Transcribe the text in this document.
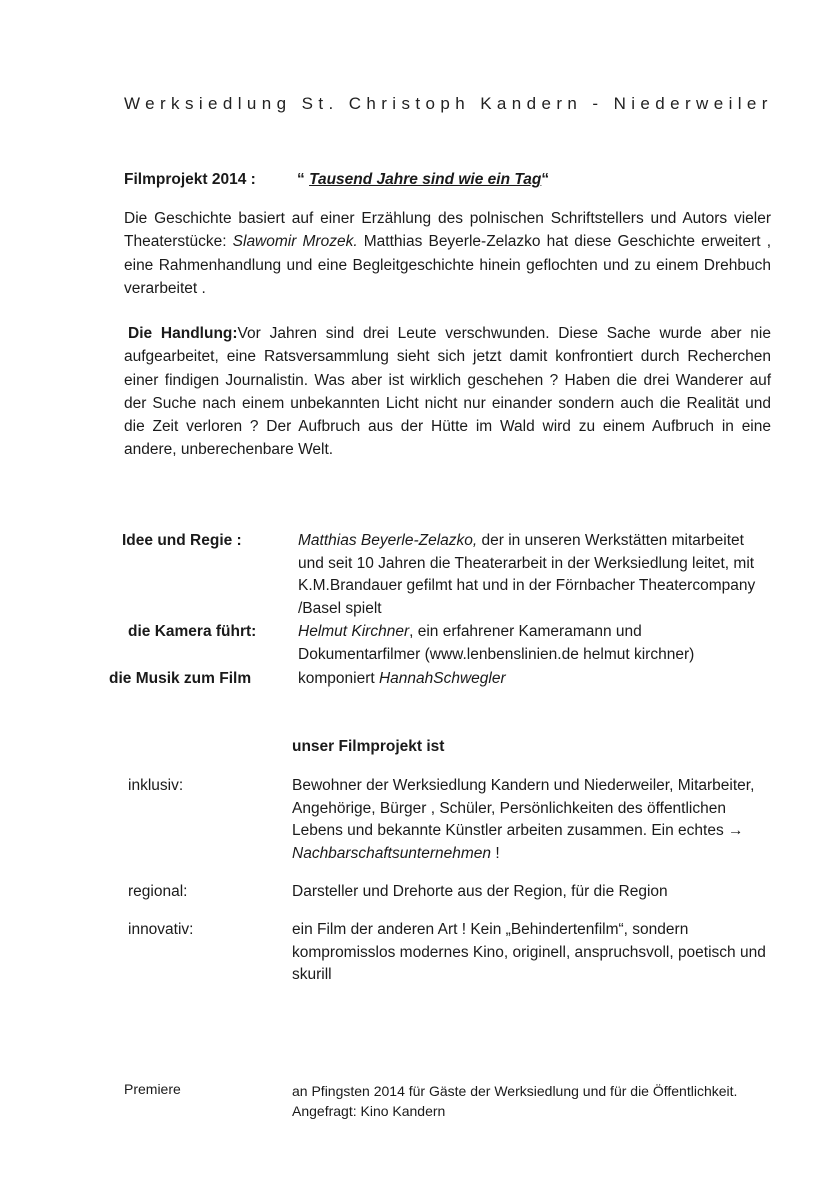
Werksiedlung St. Christoph Kandern - Niederweiler
Filmprojekt 2014 :	“ Tausend Jahre sind wie ein Tag“

Die Geschichte basiert auf einer Erzählung des polnischen Schriftstellers und Autors vieler Theaterstücke: Slawomir Mrozek. Matthias Beyerle-Zelazko hat diese Geschichte erweitert , eine Rahmenhandlung und eine Begleitgeschichte hinein geflochten und zu einem Drehbuch verarbeitet .

Die Handlung:Vor Jahren sind drei Leute verschwunden. Diese Sache wurde aber nie aufgearbeitet, eine Ratsversammlung sieht sich jetzt damit konfrontiert durch Recherchen einer findigen Journalistin. Was aber ist wirklich geschehen ? Haben die drei Wanderer auf der Suche nach einem unbekannten Licht nicht nur einander sondern auch die Realität und die Zeit verloren ? Der Aufbruch aus der Hütte im Wald wird zu einem Aufbruch in eine andere, unberechenbare Welt.

Idee und Regie :	Matthias Beyerle-Zelazko, der in unseren Werkstätten mitarbeitet und seit 10 Jahren die Theaterarbeit in der Werksiedlung leitet, mit K.M.Brandauer gefilmt hat und in der Förnbacher Theatercompany /Basel spielt

die Kamera führt:	Helmut Kirchner, ein erfahrener Kameramann und Dokumentarfilmer (www.lenbenslinien.de helmut kirchner)

die Musik zum Film	komponiert HannahSchwegler

unser Filmprojekt ist
inklusiv:	Bewohner der Werksiedlung Kandern und Niederweiler, Mitarbeiter, Angehörige, Bürger , Schüler, Persönlichkeiten des öffentlichen Lebens und bekannte Künstler arbeiten zusammen. Ein echtes → Nachbarschaftsunternehmen !

regional:	Darsteller und Drehorte aus der Region, für die Region

innovativ:	ein Film der anderen Art ! Kein „Behindertenfilm“, sondern kompromisslos modernes Kino, originell, anspruchsvoll, poetisch und skurill

Premiere	an Pfingsten 2014 für Gäste der Werksiedlung und für die Öffentlichkeit. Angefragt: Kino Kandern
